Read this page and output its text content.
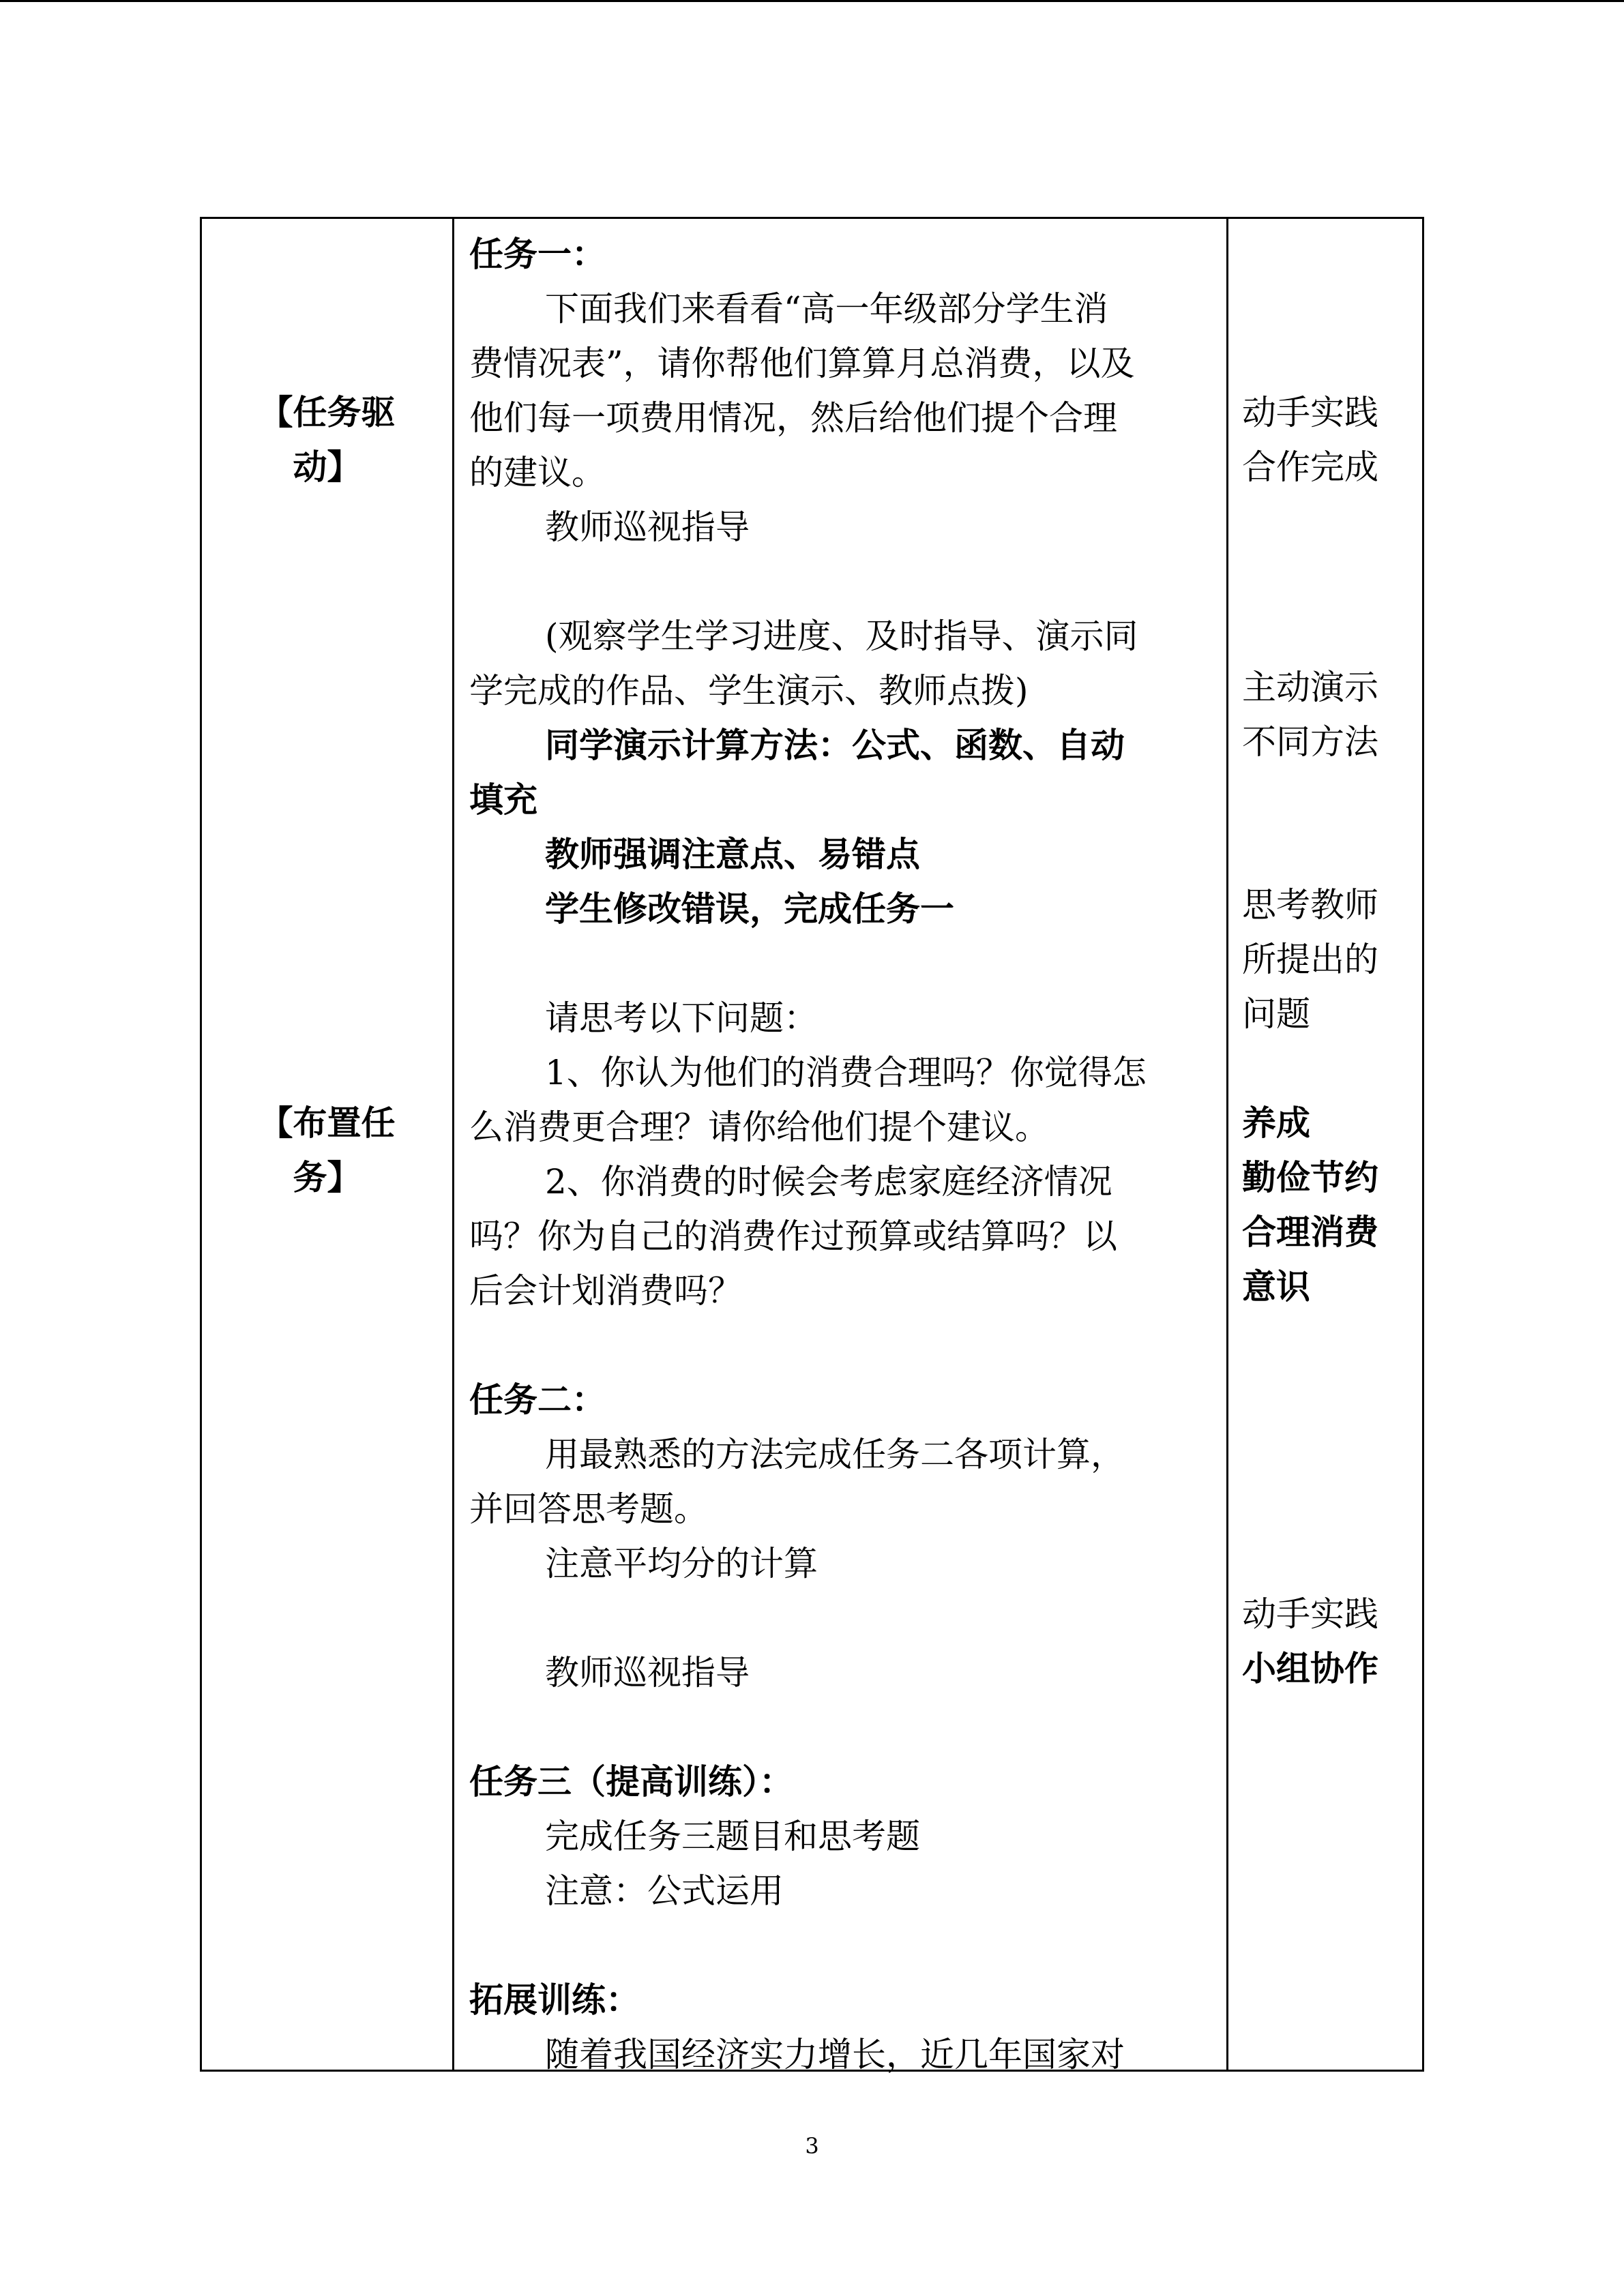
【任务驱
动】
【布置任
务】

任务一：

下面我们来看看“高一年级部分学生消

费情况表”，请你帮他们算算月总消费，以及

他们每一项费用情况，然后给他们提个合理

的建议。

教师巡视指导

(观察学生学习进度、及时指导、演示同

学完成的作品、学生演示、教师点拨)

同学演示计算方法：公式、函数、自动

填充

教师强调注意点、易错点

学生修改错误，完成任务一

请思考以下问题：

1、你认为他们的消费合理吗？你觉得怎

么消费更合理？请你给他们提个建议。

2、你消费的时候会考虑家庭经济情况

吗？你为自己的消费作过预算或结算吗？以

后会计划消费吗？

任务二：

用最熟悉的方法完成任务二各项计算，

并回答思考题。

注意平均分的计算

教师巡视指导

任务三（提高训练）：

完成任务三题目和思考题

注意：公式运用

拓展训练：

随着我国经济实力增长，近几年国家对

动手实践

合作完成

主动演示

不同方法

思考教师

所提出的

问题

养成

勤俭节约

合理消费

意识

动手实践

小组协作

3
